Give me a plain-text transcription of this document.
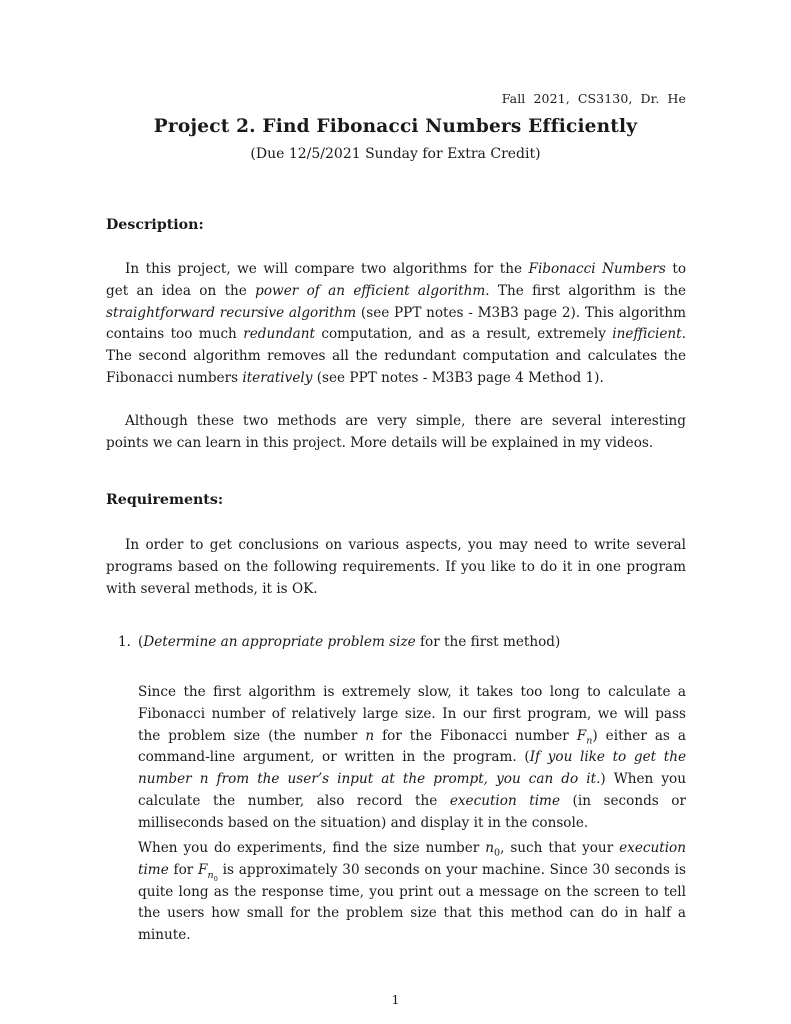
Fall 2021, CS3130, Dr. He
Project 2. Find Fibonacci Numbers Efficiently
(Due 12/5/2021 Sunday for Extra Credit)
Description:
In this project, we will compare two algorithms for the Fibonacci Numbers to get an idea on the power of an efficient algorithm. The first algorithm is the straightforward recursive algorithm (see PPT notes - M3B3 page 2). This algorithm contains too much redundant computation, and as a result, extremely inefficient. The second algorithm removes all the redundant computation and calculates the Fibonacci numbers iteratively (see PPT notes - M3B3 page 4 Method 1).
Although these two methods are very simple, there are several interesting points we can learn in this project. More details will be explained in my videos.
Requirements:
In order to get conclusions on various aspects, you may need to write several programs based on the following requirements. If you like to do it in one program with several methods, it is OK.
1. (Determine an appropriate problem size for the first method)
Since the first algorithm is extremely slow, it takes too long to calculate a Fibonacci number of relatively large size. In our first program, we will pass the problem size (the number n for the Fibonacci number $F_n$) either as a command-line argument, or written in the program. (If you like to get the number n from the user’s input at the prompt, you can do it.) When you calculate the number, also record the execution time (in seconds or milliseconds based on the situation) and display it in the console.
When you do experiments, find the size number $n_0$, such that your execution time for $F_{n_0}$ is approximately 30 seconds on your machine. Since 30 seconds is quite long as the response time, you print out a message on the screen to tell the users how small for the problem size that this method can do in half a minute.
1
